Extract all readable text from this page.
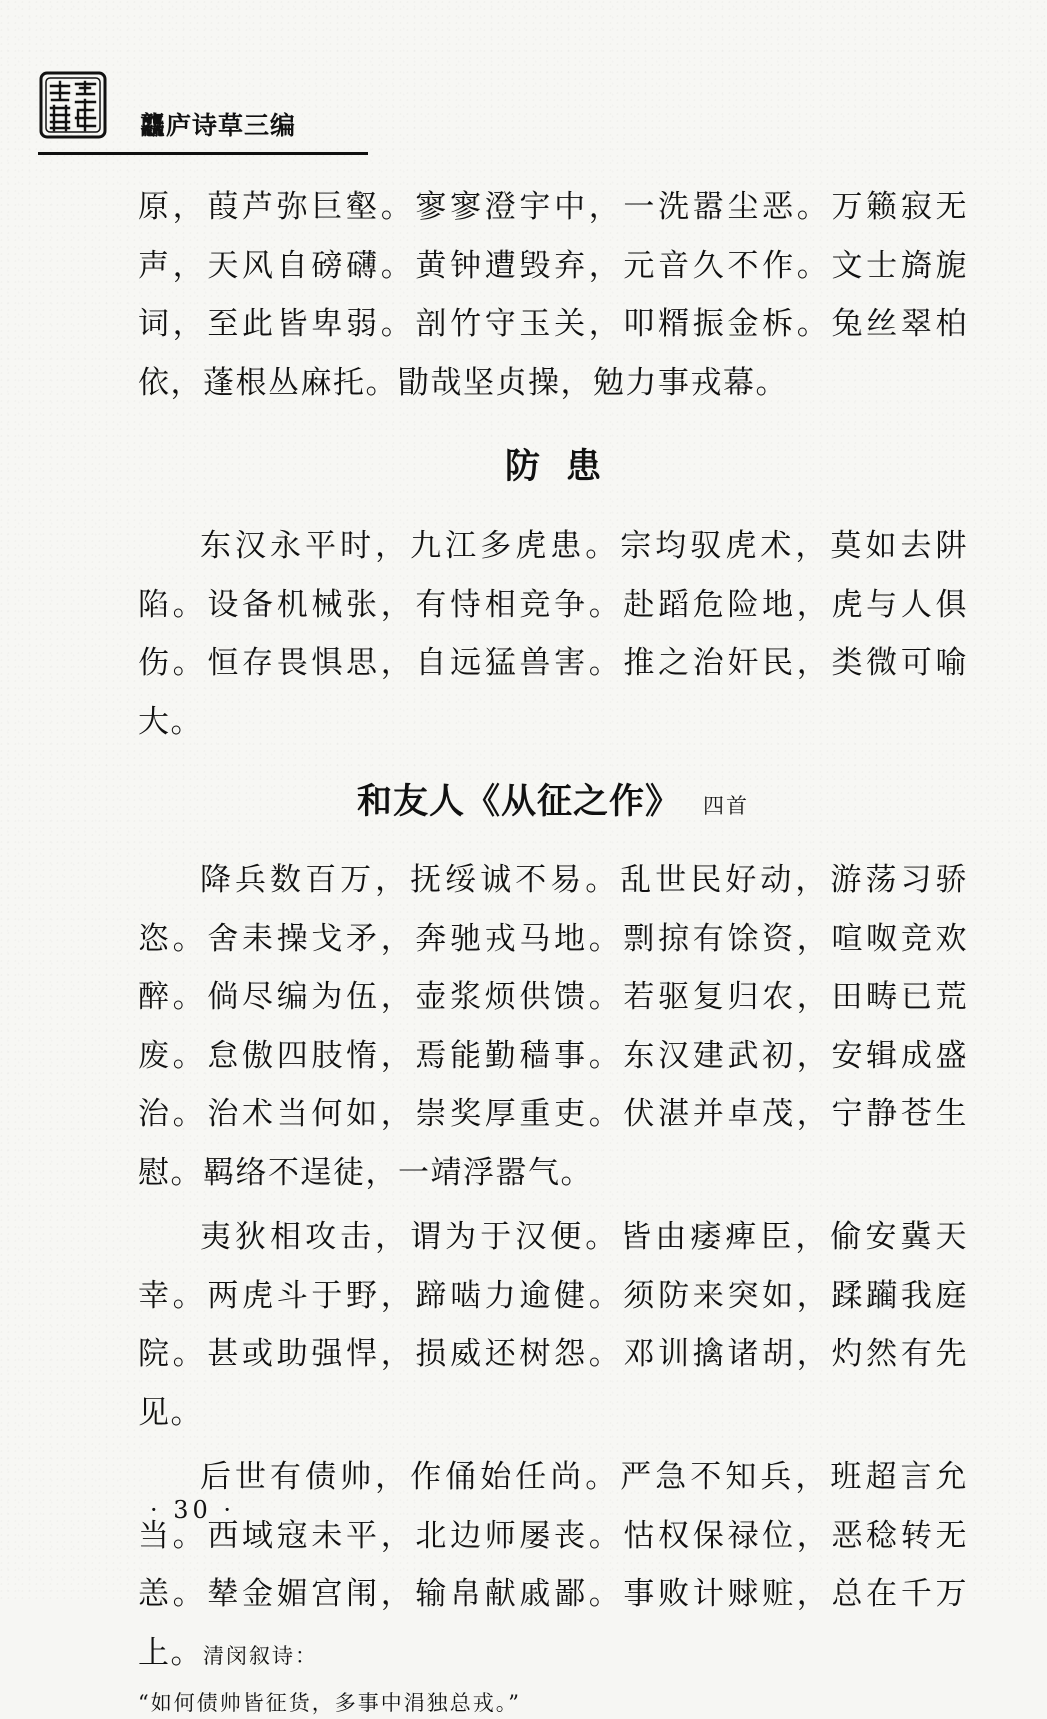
龘庐诗草三编

原，葭芦弥巨壑。寥寥澄宇中，一洗嚣尘恶。万籁寂无声，天风自磅礴。黄钟遭毁弃，元音久不作。文士旖旎词，至此皆卑弱。剖竹守玉关，叩糈振金柝。兔丝翠柏依，蓬根丛麻托。勖哉坚贞操，勉力事戎幕。

防患

东汉永平时，九江多虎患。宗均驭虎术，莫如去阱陷。设备机械张，有恃相竞争。赴蹈危险地，虎与人俱伤。恒存畏惧思，自远猛兽害。推之治奸民，类微可喻大。

和友人《从征之作》 四首

降兵数百万，抚绥诚不易。乱世民好动，游荡习骄恣。舍耒操戈矛，奔驰戎马地。剽掠有馀资，喧呶竞欢醉。倘尽编为伍，壶浆烦供馈。若驱复归农，田畴已荒废。怠傲四肢惰，焉能勤穑事。东汉建武初，安辑成盛治。治术当何如，崇奖厚重吏。伏湛并卓茂，宁静苍生慰。羁络不逞徒，一靖浮嚣气。

夷狄相攻击，谓为于汉便。皆由痿痺臣，偷安冀天幸。两虎斗于野，蹄啮力逾健。须防来突如，蹂躏我庭院。甚或助强悍，损威还树怨。邓训擒诸胡，灼然有先见。

后世有债帅，作俑始任尚。严急不知兵，班超言允当。西域寇未平，北边师屡丧。怙权保禄位，恶稔转无恙。辇金媚宫闱，输帛献戚鄙。事败计赇赃，总在千万上。清闵叙诗：

“如何债帅皆征货，多事中涓独总戎。”

· 30 ·
